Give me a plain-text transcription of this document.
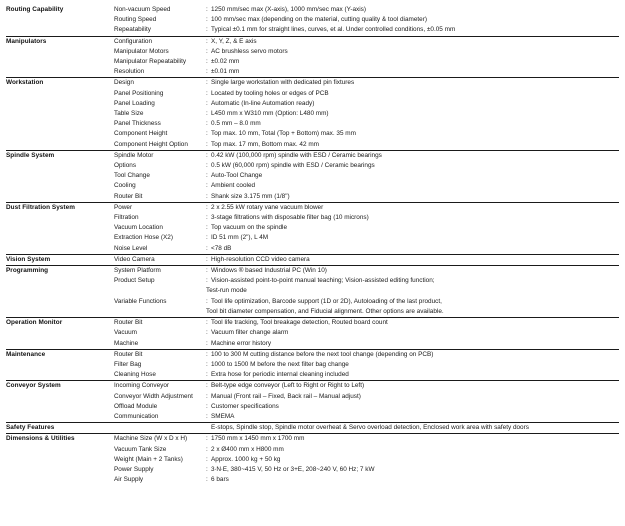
Routing Capability	Non-vacuum Speed	: 1250 mm/sec max (X-axis), 1000 mm/sec max (Y-axis)
	Routing Speed	: 100 mm/sec max (depending on the material, cutting quality & tool diameter)
	Repeatability	: Typical ±0.1 mm for straight lines, curves, et al. Under controlled conditions, ±0.05 mm
Manipulators	Configuration	: X, Y, Z, & E axis
	Manipulator Motors	: AC brushless servo motors
	Manipulator Repeatability	: ±0.02 mm
	Resolution	: ±0.01 mm
Workstation	Design	: Single large workstation with dedicated pin fixtures
	Panel Positioning	: Located by tooling holes or edges of PCB
	Panel Loading	: Automatic (In-line Automation ready)
	Table Size	: L450 mm x W310 mm (Option: L480 mm)
	Panel Thickness	: 0.5 mm – 8.0 mm
	Component Height	: Top max. 10 mm, Total (Top + Bottom) max. 35 mm
	Component Height Option	: Top max. 17 mm, Bottom max. 42 mm
Spindle System	Spindle Motor	: 0.42 kW (100,000 rpm) spindle with ESD / Ceramic bearings
	Options	: 0.5 kW (60,000 rpm) spindle with ESD / Ceramic bearings
	Tool Change	: Auto-Tool Change
	Cooling	: Ambient cooled
	Router Bit	: Shank size 3.175 mm (1/8")
Dust Filtration System	Power	: 2 x 2.55 kW rotary vane vacuum blower
	Filtration	: 3-stage filtrations with disposable filter bag (10 microns)
	Vacuum Location	: Top vacuum on the spindle
	Extraction Hose (X2)	: ID 51 mm (2"), L 4M
	Noise Level	: <78 dB
Vision System	Video Camera	: High-resolution CCD video camera
Programming	System Platform	: Windows ® based Industrial PC (Win 10)
	Product Setup	: Vision-assisted point-to-point manual teaching; Vision-assisted editing function;
Test-run mode
	Variable Functions	: Tool life optimization, Barcode support (1D or 2D), Autoloading of the last product,
Tool bit diameter compensation, and Fiducial alignment. Other options are available.
Operation Monitor	Router Bit	: Tool life tracking, Tool breakage detection, Routed board count
	Vacuum	: Vacuum filter change alarm
	Machine	: Machine error history
Maintenance	Router Bit	: 100 to 300 M cutting distance before the next tool change (depending on PCB)
	Filter Bag	: 1000 to 1500 M before the next filter bag change
	Cleaning Hose	: Extra hose for periodic internal cleaning included
Conveyor System	Incoming Conveyor	: Belt-type edge conveyor (Left to Right or Right to Left)
	Conveyor Width Adjustment	: Manual (Front rail – Fixed, Back rail – Manual adjust)
	Offload Module	: Customer specifications
	Communication	: SMEMA
Safety Features		E-stops, Spindle stop, Spindle motor overheat & Servo overload detection, Enclosed work area with safety doors
Dimensions & Utilities	Machine Size (W x D x H)	: 1750 mm x 1450 mm x 1700 mm
	Vacuum Tank Size	: 2 x Ø400 mm x H800 mm
	Weight (Main + 2 Tanks)	: Approx. 1000 kg + 50 kg
	Power Supply	: 3∙N∙E, 380~415 V, 50 Hz or 3+E, 208~240 V, 60 Hz; 7 kW
	Air Supply	: 6 bars
